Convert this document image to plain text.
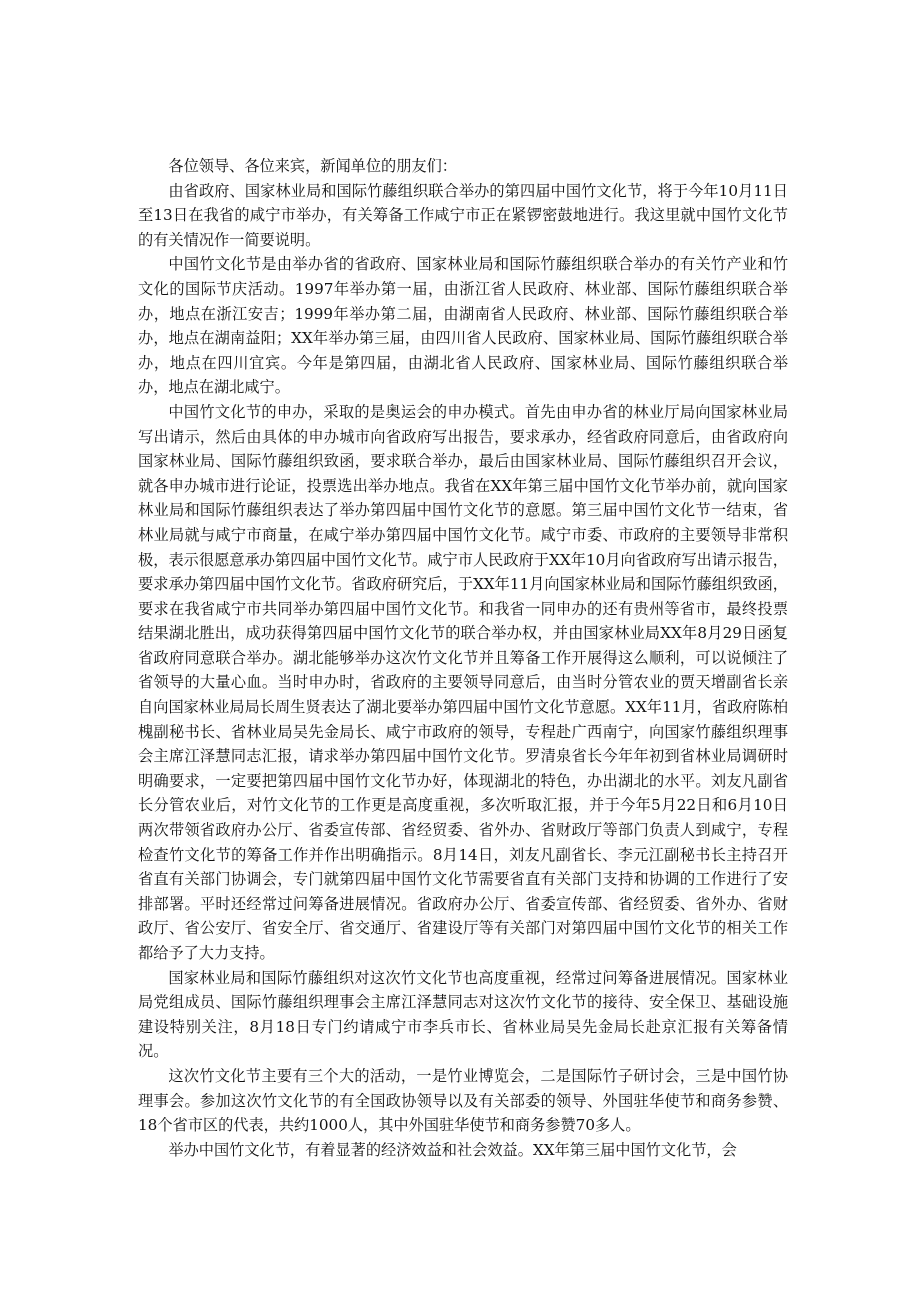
各位领导、各位来宾，新闻单位的朋友们：

由省政府、国家林业局和国际竹藤组织联合举办的第四届中国竹文化节，将于今年10月11日至13日在我省的咸宁市举办，有关筹备工作咸宁市正在紧锣密鼓地进行。我这里就中国竹文化节的有关情况作一简要说明。

中国竹文化节是由举办省的省政府、国家林业局和国际竹藤组织联合举办的有关竹产业和竹文化的国际节庆活动。1997年举办第一届，由浙江省人民政府、林业部、国际竹藤组织联合举办，地点在浙江安吉；1999年举办第二届，由湖南省人民政府、林业部、国际竹藤组织联合举办，地点在湖南益阳；XX年举办第三届，由四川省人民政府、国家林业局、国际竹藤组织联合举办，地点在四川宜宾。今年是第四届，由湖北省人民政府、国家林业局、国际竹藤组织联合举办，地点在湖北咸宁。

中国竹文化节的申办，采取的是奥运会的申办模式。首先由申办省的林业厅局向国家林业局写出请示，然后由具体的申办城市向省政府写出报告，要求承办，经省政府同意后，由省政府向国家林业局、国际竹藤组织致函，要求联合举办，最后由国家林业局、国际竹藤组织召开会议，就各申办城市进行论证，投票选出举办地点。我省在XX年第三届中国竹文化节举办前，就向国家林业局和国际竹藤组织表达了举办第四届中国竹文化节的意愿。第三届中国竹文化节一结束，省林业局就与咸宁市商量，在咸宁举办第四届中国竹文化节。咸宁市委、市政府的主要领导非常积极，表示很愿意承办第四届中国竹文化节。咸宁市人民政府于XX年10月向省政府写出请示报告，要求承办第四届中国竹文化节。省政府研究后，于XX年11月向国家林业局和国际竹藤组织致函，要求在我省咸宁市共同举办第四届中国竹文化节。和我省一同申办的还有贵州等省市，最终投票结果湖北胜出，成功获得第四届中国竹文化节的联合举办权，并由国家林业局XX年8月29日函复省政府同意联合举办。湖北能够举办这次竹文化节并且筹备工作开展得这么顺利，可以说倾注了省领导的大量心血。当时申办时，省政府的主要领导同意后，由当时分管农业的贾天增副省长亲自向国家林业局局长周生贤表达了湖北要举办第四届中国竹文化节意愿。XX年11月，省政府陈柏槐副秘书长、省林业局吴先金局长、咸宁市政府的领导，专程赴广西南宁，向国家竹藤组织理事会主席江泽慧同志汇报，请求举办第四届中国竹文化节。罗清泉省长今年年初到省林业局调研时明确要求，一定要把第四届中国竹文化节办好，体现湖北的特色，办出湖北的水平。刘友凡副省长分管农业后，对竹文化节的工作更是高度重视，多次听取汇报，并于今年5月22日和6月10日两次带领省政府办公厅、省委宣传部、省经贸委、省外办、省财政厅等部门负责人到咸宁，专程检查竹文化节的筹备工作并作出明确指示。8月14日，刘友凡副省长、李元江副秘书长主持召开省直有关部门协调会，专门就第四届中国竹文化节需要省直有关部门支持和协调的工作进行了安排部署。平时还经常过问筹备进展情况。省政府办公厅、省委宣传部、省经贸委、省外办、省财政厅、省公安厅、省安全厅、省交通厅、省建设厅等有关部门对第四届中国竹文化节的相关工作都给予了大力支持。

国家林业局和国际竹藤组织对这次竹文化节也高度重视，经常过问筹备进展情况。国家林业局党组成员、国际竹藤组织理事会主席江泽慧同志对这次竹文化节的接待、安全保卫、基础设施建设特别关注，8月18日专门约请咸宁市李兵市长、省林业局吴先金局长赴京汇报有关筹备情况。

这次竹文化节主要有三个大的活动，一是竹业博览会，二是国际竹子研讨会，三是中国竹协理事会。参加这次竹文化节的有全国政协领导以及有关部委的领导、外国驻华使节和商务参赞、18个省市区的代表，共约1000人，其中外国驻华使节和商务参赞70多人。

举办中国竹文化节，有着显著的经济效益和社会效益。XX年第三届中国竹文化节，会
